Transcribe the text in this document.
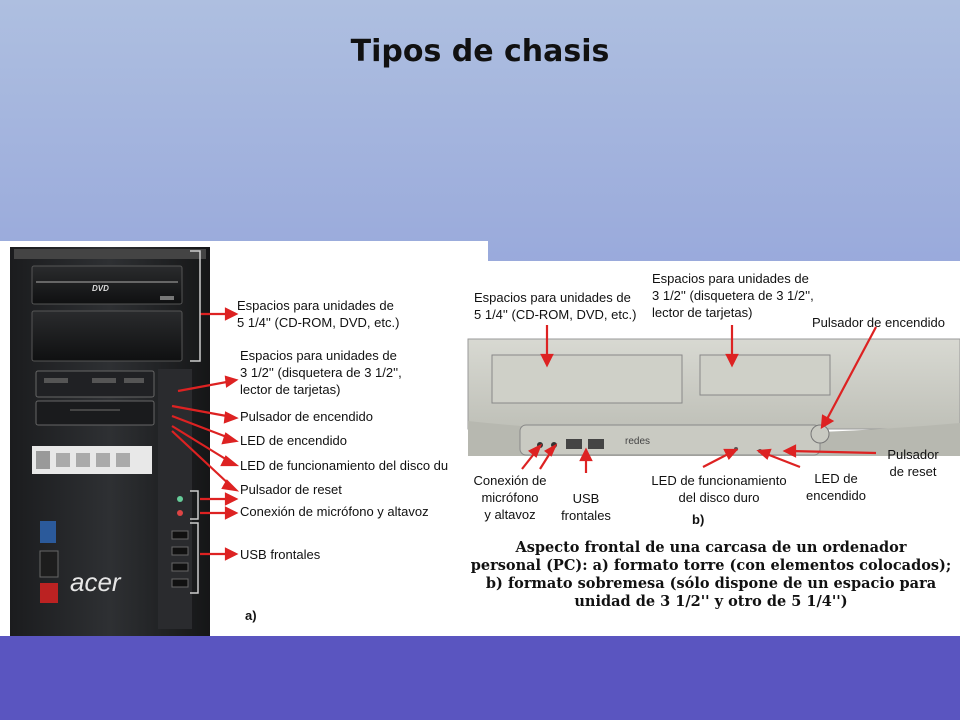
Tipos de chasis
acer
DVD
redes
Espacios para unidades de
5 1/4'' (CD-ROM, DVD, etc.)
Espacios para unidades de
3 1/2'' (disquetera de 3 1/2'',
lector de tarjetas)
Pulsador de encendido
LED de encendido
LED de funcionamiento del disco du
Pulsador de reset
Conexión de micrófono y altavoz
USB frontales
a)
Espacios para unidades de
5 1/4'' (CD-ROM, DVD, etc.)
Espacios para unidades de
3 1/2'' (disquetera de 3 1/2'',
lector de tarjetas)
Pulsador de encendido
Conexión de
micrófono
y altavoz
USB
frontales
LED de funcionamiento
del disco duro
LED de
encendido
Pulsador
de reset
b)
Aspecto frontal de una carcasa de un ordenador
personal (PC): a) formato torre (con elementos colocados);
b) formato sobremesa (sólo dispone de un espacio para
unidad de 3 1/2'' y otro de 5 1/4'')
